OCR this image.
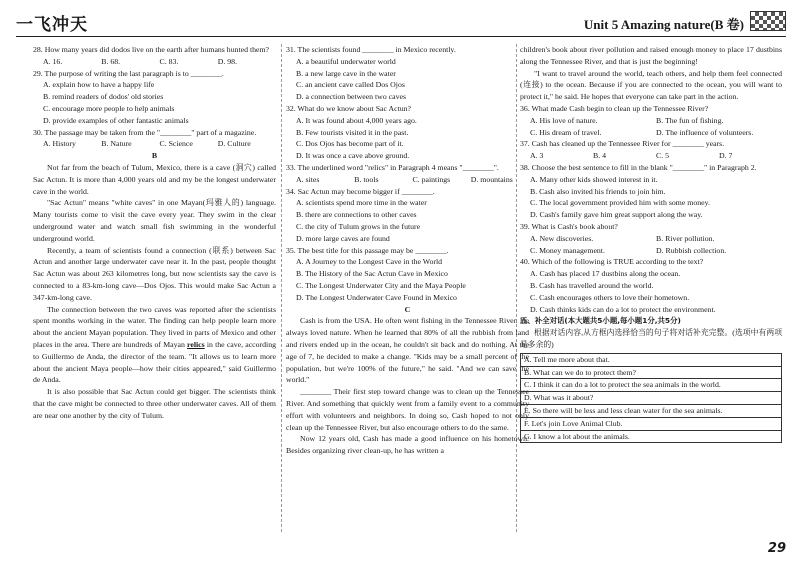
一飞冲天	Unit 5 Amazing nature(B 卷)

28. How many years did dodos live on the earth after humans hunted them?

A. 16.	B. 68.	C. 83.	D. 98.

29. The purpose of writing the last paragraph is to ________.

A. explain how to have a happy life
B. remind readers of dodos' old stories
C. encourage more people to help animals
D. provide examples of other fantastic animals

30. The passage may be taken from the "________" part of a magazine.

A. History	B. Nature	C. Science	D. Culture
B

Not far from the beach of Tulum, Mexico, there is a cave (洞穴) called Sac Actun. It is more than 4,000 years old and my be the longest underwater cave in the world.

"Sac Actun" means "white caves" in one Mayan(玛雅人的) language. Many tourists come to visit the cave every year. They swim in the clear underground water and watch small fish swimming in the wonderful underground world.

Recently, a team of scientists found a connection (联系) between Sac Actun and another large underwater cave near it. In the past, people thought Sac Actun was about 263 kilometres long, but now scientists say the cave is connected to a 83-km-long cave—Dos Ojos. This would make Sac Actun a 347-km-long cave.

The connection between the two caves was reported after the scientists spent months working in the water. The finding can help people learn more about the ancient Mayan population. They lived in parts of Mexico and other places in the area. There are hundreds of Mayan relics in the cave, according to Guillermo de Anda, the director of the team. "It allows us to learn more about the ancient Maya people—how their cities appeared," said Guillermo de Anda.

It is also possible that Sac Actun could get bigger. The scientists think that the cave might be connected to three other underwater caves. All of them are near one another by the city of Tulum.

31. The scientists found ________ in Mexico recently.

A. a beautiful underwater world
B. a new large cave in the water
C. an ancient cave called Dos Ojos
D. a connection between two caves

32. What do we know about Sac Actun?

A. It was found about 4,000 years ago.
B. Few tourists visited it in the past.
C. Dos Ojos has become part of it.
D. It was once a cave above ground.

33. The underlined word "relics" in Paragraph 4 means "________".

A. sites	B. tools	C. paintings	D. mountains

34. Sac Actun may become bigger if ________.

A. scientists spend more time in the water
B. there are connections to other caves
C. the city of Tulum grows in the future
D. more large caves are found

35. The best title for this passage may be ________.

A. A Journey to the Longest Cave in the World
B. The History of the Sac Actun Cave in Mexico
C. The Longest Underwater City and the Maya People
D. The Longest Underwater Cave Found in Mexico
C

Cash is from the USA. He often went fishing in the Tennessee River. He always loved nature. When he learned that 80% of all the rubbish from land and rivers ended up in the ocean, he couldn't sit back and do nothing. At the age of 7, he decided to make a change. "Kids may be a small percent of the population, but we're 100% of the future," he said. "And we can save the world."

________ Their first step toward change was to clean up the Tennessee River. And something that quickly went from a family event to a community effort with volunteers and neighbors. In doing so, Cash hoped to not only clean up the Tennessee River, but also encourage others to do the same.

Now 12 years old, Cash has made a good influence on his hometown. Besides organizing river clean-up, he has written a

children's book about river pollution and raised enough money to place 17 dustbins along the Tennessee River, and that is just the beginning!

"I want to travel around the world, teach others, and help them feel connected (连接) to the ocean. Because if you are connected to the ocean, you will want to protect it," he said. He hopes that everyone can take part in the action.

36. What made Cash begin to clean up the Tennessee River?

A. His love of nature.	B. The fun of fishing.
C. His dream of travel.	D. The influence of volunteers.

37. Cash has cleaned up the Tennessee River for ________ years.

A. 3	B. 4	C. 5	D. 7

38. Choose the best sentence to fill in the blank "________" in Paragraph 2.

A. Many other kids showed interest in it.
B. Cash also invited his friends to join him.
C. The local government provided him with some money.
D. Cash's family gave him great support along the way.

39. What is Cash's book about?

A. New discoveries.	B. River pollution.
C. Money management.	D. Rubbish collection.

40. Which of the following is TRUE according to the text?

A. Cash has placed 17 dustbins along the ocean.
B. Cash has travelled around the world.
C. Cash encourages others to love their hometown.
D. Cash thinks kids can do a lot to protect the environment.
五、补全对话(本大题共5小题,每小题1分,共5分)
根据对话内容,从方框内选择恰当的句子将对话补充完整。(选项中有两项是多余的)
A. Tell me more about that.
B. What can we do to protect them?
C. I think it can do a lot to protect the sea animals in the world.
D. What was it about?
E. So there will be less and less clean water for the sea animals.
F. Let's join Love Animal Club.
G. I know a lot about the animals.
29
